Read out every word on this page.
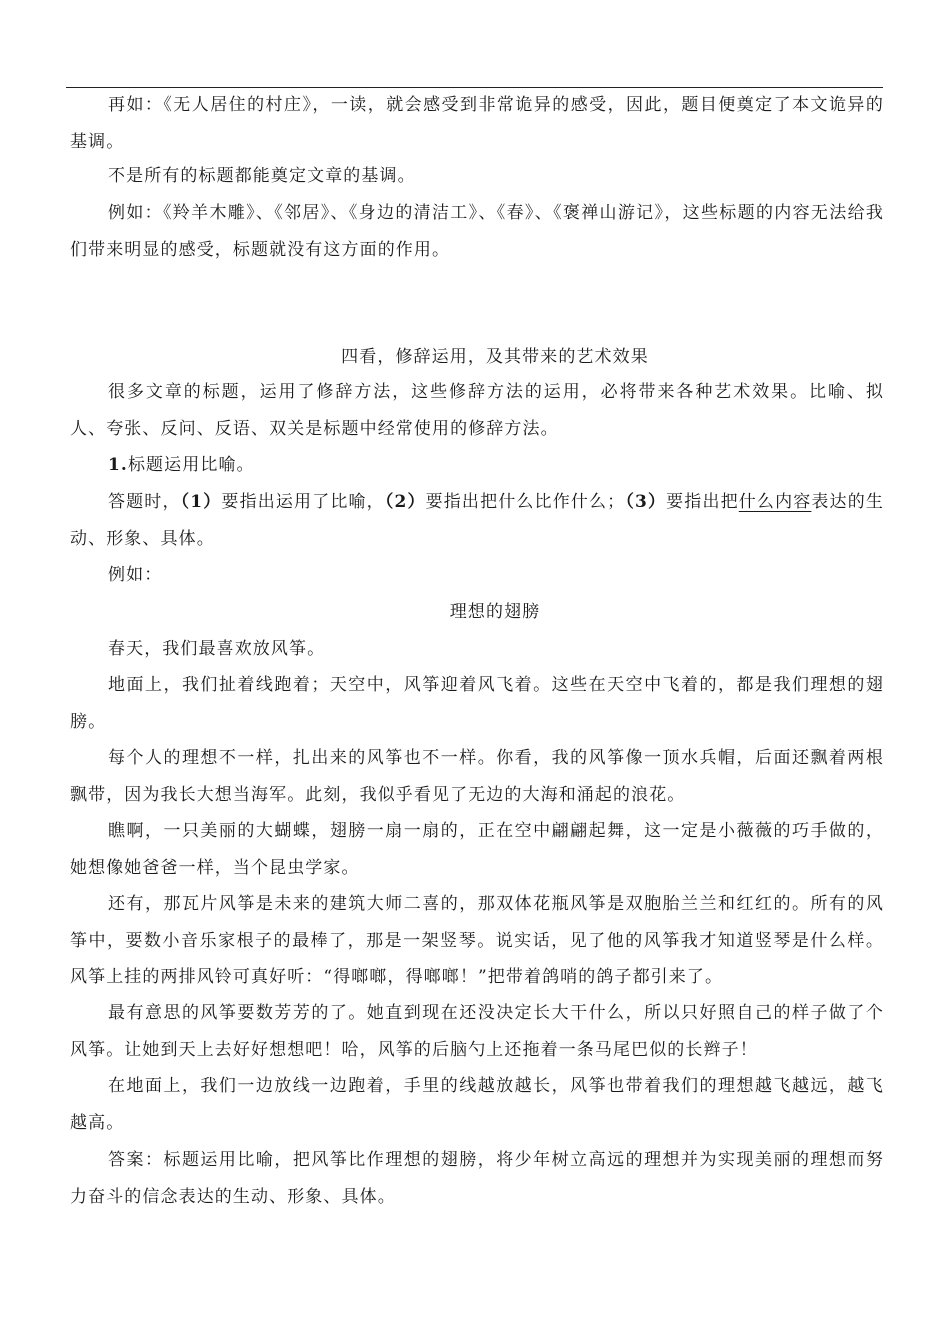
再如：《无人居住的村庄》，一读，就会感受到非常诡异的感受，因此，题目便奠定了本文诡异的基调。

不是所有的标题都能奠定文章的基调。

例如：《羚羊木雕》、《邻居》、《身边的清洁工》、《春》、《褒禅山游记》，这些标题的内容无法给我们带来明显的感受，标题就没有这方面的作用。

四看，修辞运用，及其带来的艺术效果

很多文章的标题，运用了修辞方法，这些修辞方法的运用，必将带来各种艺术效果。比喻、拟人、夸张、反问、反语、双关是标题中经常使用的修辞方法。

1.标题运用比喻。

答题时，（1）要指出运用了比喻，（2）要指出把什么比作什么；（3）要指出把什么内容表达的生动、形象、具体。

例如：

理想的翅膀

春天，我们最喜欢放风筝。

地面上，我们扯着线跑着；天空中，风筝迎着风飞着。这些在天空中飞着的，都是我们理想的翅膀。

每个人的理想不一样，扎出来的风筝也不一样。你看，我的风筝像一顶水兵帽，后面还飘着两根飘带，因为我长大想当海军。此刻，我似乎看见了无边的大海和涌起的浪花。

瞧啊，一只美丽的大蝴蝶，翅膀一扇一扇的，正在空中翩翩起舞，这一定是小薇薇的巧手做的，她想像她爸爸一样，当个昆虫学家。

还有，那瓦片风筝是未来的建筑大师二喜的，那双体花瓶风筝是双胞胎兰兰和红红的。所有的风筝中，要数小音乐家根子的最棒了，那是一架竖琴。说实话，见了他的风筝我才知道竖琴是什么样。风筝上挂的两排风铃可真好听：“得啷啷，得啷啷！”把带着鸽哨的鸽子都引来了。

最有意思的风筝要数芳芳的了。她直到现在还没决定长大干什么，所以只好照自己的样子做了个风筝。让她到天上去好好想想吧！哈，风筝的后脑勺上还拖着一条马尾巴似的长辫子！

在地面上，我们一边放线一边跑着，手里的线越放越长，风筝也带着我们的理想越飞越远，越飞越高。

答案：标题运用比喻，把风筝比作理想的翅膀，将少年树立高远的理想并为实现美丽的理想而努力奋斗的信念表达的生动、形象、具体。
